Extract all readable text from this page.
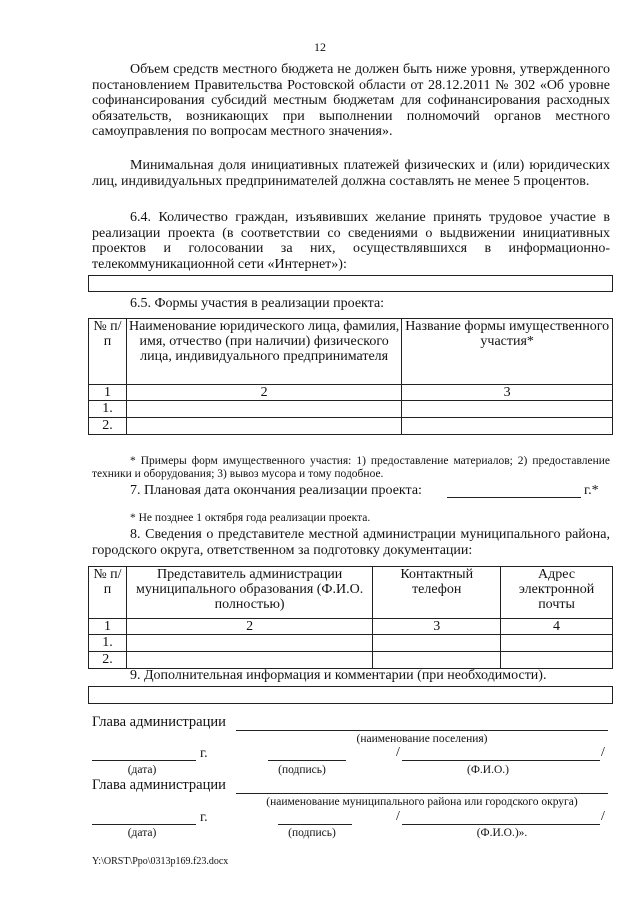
12
Объем средств местного бюджета не должен быть ниже уровня, утвержденного постановлением Правительства Ростовской области от 28.12.2011 № 302 «Об уровне софинансирования субсидий местным бюджетам для софинансирования расходных обязательств, возникающих при выполнении полномочий органов местного самоуправления по вопросам местного значения».
Минимальная доля инициативных платежей физических и (или) юридических лиц, индивидуальных предпринимателей должна составлять не менее 5 процентов.
6.4. Количество граждан, изъявивших желание принять трудовое участие в реализации проекта (в соответствии со сведениями о выдвижении инициативных проектов и голосовании за них, осуществлявшихся в информационно-телекоммуникационной сети «Интернет»):
6.5. Формы участия в реализации проекта:
№ п/п	Наименование юридического лица, фамилия, имя, отчество (при наличии) физического лица, индивидуального предпринимателя	Название формы имущественного участия*
1	2	3
1.		
2.		
* Примеры форм имущественного участия: 1) предоставление материалов; 2) предоставление техники и оборудования; 3) вывоз мусора и тому подобное.
7. Плановая дата окончания реализации проекта:	г.*
* Не позднее 1 октября года реализации проекта.
8. Сведения о представителе местной администрации муниципального района, городского округа, ответственном за подготовку документации:
№ п/п	Представитель администрации муниципального образования (Ф.И.О. полностью)	Контактный телефон	Адрес электронной почты
1	2	3	4
1.			
2.			
9. Дополнительная информация и комментарии (при необходимости).
Глава администрации
(наименование поселения)
г.	/	/
(дата)	(подпись)	(Ф.И.О.)
Глава администрации
(наименование муниципального района или городского округа)
г.	/	/
(дата)	(подпись)	(Ф.И.О.)».
Y:\ORST\Ppo\0313p169.f23.docx
